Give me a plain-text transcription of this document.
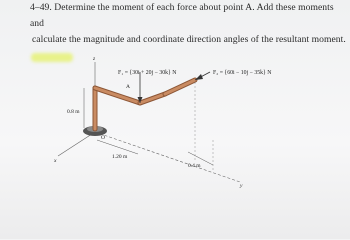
4–49. Determine the moment of each force about point A. Add these moments and
calculate the magnitude and coordinate direction angles of the resultant moment.
F₁ = {30i + 20j − 30k} N	F₂ = {60i − 10j − 35k} N
A
O
0.8 m
1.20 m
0.4 m
z
x
y
